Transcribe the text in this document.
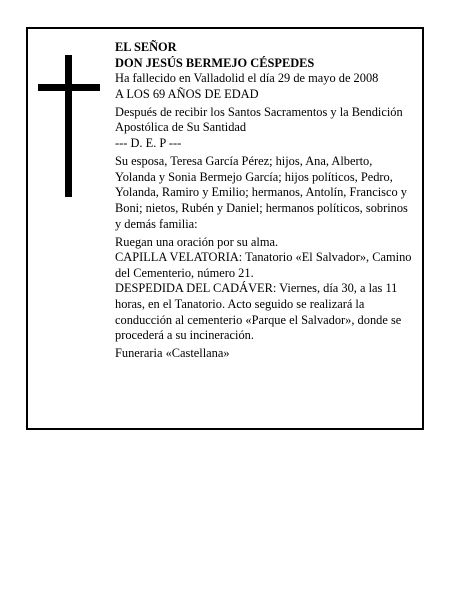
EL SEÑOR

DON JESÚS BERMEJO CÉSPEDES

Ha fallecido en Valladolid el día 29 de mayo de 2008

A LOS 69 AÑOS DE EDAD

Después de recibir los Santos Sacramentos y la Bendición Apostólica de Su Santidad

--- D. E. P ---

Su esposa, Teresa García Pérez; hijos, Ana, Alberto, Yolanda y Sonia Bermejo García; hijos políticos, Pedro, Yolanda, Ramiro y Emilio; hermanos, Antolín, Francisco y Boni; nietos, Rubén y Daniel; hermanos políticos, sobrinos y demás familia:

Ruegan una oración por su alma.

CAPILLA VELATORIA: Tanatorio «El Salvador», Camino del Cementerio, número 21.

DESPEDIDA DEL CADÁVER: Viernes, día 30, a las 11 horas, en el Tanatorio. Acto seguido se realizará la conducción al cementerio «Parque el Salvador», donde se procederá a su incineración.

Funeraria «Castellana»
